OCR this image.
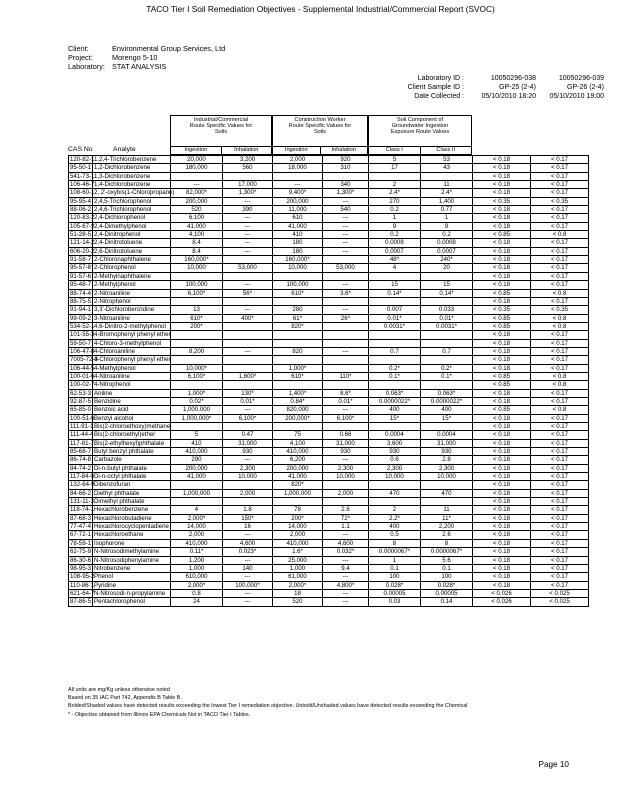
TACO Tier I Soil Remediation Objectives - Supplemental Industrial/Commercial Report (SVOC)
Client:	Environmental Group Services, Ltd
Project:	Morengo 5-10
Laboratory: STAT ANALYSIS
Laboratory ID :	10050296-038	10050296-039
Client Sample ID :	GP-25 (2-4)	GP-26 (2-4)
Date Collected :	05/10/2010 18:20 05/10/2010 19:00
Industrial/Commercial
Route Specific Values for
Soils
Ingestion	Inhalation
Construction Worker
Route Specific Values for
Soils
Ingestion	Inhalation
Soil Component of
Groundwater Ingestion
Exposure Route Values
Class I	Class II
CAS No	Analyte
120-82-1	1,2,4-Trichlorobenzene	20,000	3,200	2,000	920	5	53	< 0.18	< 0.17
95-50-1	1,2-Dichlorobenzene	180,000	560	18,000	310	17	43	< 0.18	< 0.17
541-73-1	1,3-Dichlorobenzene							< 0.18	< 0.17
106-46-7	1,4-Dichlorobenzene	---	17,000	---	340	2	11	< 0.18	< 0.17
108-60-1	2, 2'-oxybis(1-Chloropropane)	82,000*	1,300*	9,400*	1,300*	2.4*	2.4*	< 0.18	< 0.17
95-95-4	2,4,5-Trichlorophenol	200,000	---	200,000	---	270	1,400	< 0.35	< 0.35
88-06-2	2,4,6-Trichlorophenol	520	390	11,000	540	0.2	0.77	< 0.18	< 0.17
120-83-2	2,4-Dichlorophenol	6,100	---	610	---	1	1	< 0.18	< 0.17
105-67-9	2,4-Dimethylphenol	41,000	---	41,000	---	9	9	< 0.18	< 0.17
51-28-5	2,4-Dinitrophenol	4,100	---	410	---	0.2	0.2	< 0.85	< 0.8
121-14-2	2,4-Dinitrotoluene	8.4	---	180	---	0.0008	0.0008	< 0.18	< 0.17
606-20-2	2,6-Dinitrotoluene	8.4	---	180	---	0.0007	0.0007	< 0.18	< 0.17
91-58-7	2-Chloronaphthalene	160,000*		160,000*		48*	240*	< 0.18	< 0.17
95-57-8	2-Chlorophenol	10,000	53,000	10,000	53,000	4	20	< 0.18	< 0.17
91-57-6	2-Methylnaphthalene							< 0.18	< 0.17
95-48-7	2-Methylphenol	100,000	---	100,000	---	15	15	< 0.18	< 0.17
88-74-4	2-Nitroaniline	6,100*	56*	610*	3.6*	0.14*	0.14*	< 0.85	< 0.8
88-75-5	2-Nitrophenol							< 0.18	< 0.17
91-94-1	3,3'-Dichlorobenzidine	13	---	280	---	0.007	0.033	< 0.35	< 0.35
99-09-2	3-Nitroaniline	610*	400*	61*	26*	0.01*	0.01*	< 0.85	< 0.8
534-52-1	4,6-Dinitro-2-methylphenol	200*		820*		0.0031*	0.0031*	< 0.85	< 0.8
101-55-3	4-Bromophenyl phenyl ether							< 0.18	< 0.17
59-50-7	4-Chloro-3-methylphenol							< 0.18	< 0.17
106-47-8	4-Chloroaniline	8,200	---	820	---	0.7	0.7	< 0.18	< 0.17
7005-72-3	4-Chlorophenyl phenyl ether							< 0.18	< 0.17
106-44-5	4-Methylphenol	10,000*		1,000*		0.2*	0.2*	< 0.18	< 0.17
100-01-6	4-Nitroaniline	6,100*	1,600*	610*	110*	0.1*	0.1*	< 0.85	< 0.8
100-02-7	4-Nitrophenol							< 0.85	< 0.8
62-53-3	Aniline	1,000*	130*	1,400*	8.6*	0.063*	0.063*	< 0.18	< 0.17
92-87-5	Benzidine	0.02*	0.01*	0.84*	0.01*	0.0000022*	0.0000022*	< 0.18	< 0.17
65-85-0	Benzoic acid	1,000,000	---	820,000	---	400	400	< 0.85	< 0.8
100-51-6	Benzyl alcohol	1,000,000*	6,100*	200,000*	6,100*	15*	15*	< 0.18	< 0.17
111-91-1	Bis(2-chloroethoxy)methane							< 0.18	< 0.17
111-44-4	Bis(2-chloroethyl)ether	5	0.47	75	0.66	0.0004	0.0004	< 0.18	< 0.17
117-81-7	Bis(2-ethylhexyl)phthalate	410	31,000	4,100	31,000	3,600	31,000	< 0.18	< 0.17
85-68-7	Butyl benzyl phthalate	410,000	930	410,000	930	930	930	< 0.18	< 0.17
86-74-8	Carbazole	290	---	6,200	---	0.6	2.8	< 0.18	< 0.17
84-74-2	Di-n-butyl phthalate	200,000	2,300	200,000	2,300	2,300	2,300	< 0.18	< 0.17
117-84-0	Di-n-octyl phthalate	41,000	10,000	41,000	10,000	10,000	10,000	< 0.18	< 0.17
132-64-9	Dibenzofuran			820*				< 0.18	< 0.17
84-66-2	Diethyl phthalate	1,000,000	2,000	1,000,000	2,000	470	470	< 0.18	< 0.17
131-11-3	Dimethyl phthalate							< 0.18	< 0.17
118-74-1	Hexachlorobenzene	4	1.8	78	2.6	2	11	< 0.18	< 0.17
87-68-3	Hexachlorobutadiene	2,000*	150*	200*	72*	2.2*	11*	< 0.18	< 0.17
77-47-4	Hexachlorocyclopentadiene	14,000	16	14,000	1.1	400	2,200	< 0.18	< 0.17
67-72-1	Hexachloroethane	2,000	---	2,000	---	0.5	2.6	< 0.18	< 0.17
78-59-1	Isophorone	410,000	4,600	410,000	4,600	8	8	< 0.18	< 0.17
62-75-9	N-Nitrosodimethylamine	0.11*	0.023*	1.6*	0.032*	0.0000067*	0.0000067*	< 0.18	< 0.17
86-30-6	N-Nitrosodiphenylamine	1,200	---	25,000	---	1	5.6	< 0.18	< 0.17
98-95-3	Nitrobenzene	1,000	140	1,000	9.4	0.1	0.1	< 0.18	< 0.17
108-95-2	Phenol	610,000	---	61,000	---	100	100	< 0.18	< 0.17
110-86-1	Pyridine	2,000*	100,000*	2,000*	4,800*	0.028*	0.028*	< 0.18	< 0.17
621-64-7	N-Nitrosodi-n-propylamine	0.8	---	18	---	0.00005	0.00005	< 0.026	< 0.025
87-86-5	Pentachlorophenol	24	---	520	---	0.03	0.14	< 0.026	< 0.025
All units are mg/Kg unless otherwise noted
Based on 35 IAC Part 742, Appendix B Table B.
Bolded/Shaded values have detected results exceeding the lowest Tier I remediation objective. Unbold/Unshaded values have detected results exceeding the Chemical
* - Objective obtained from Illinois EPA Chemicals Not in TACO Tier I Tables.
Page 10
